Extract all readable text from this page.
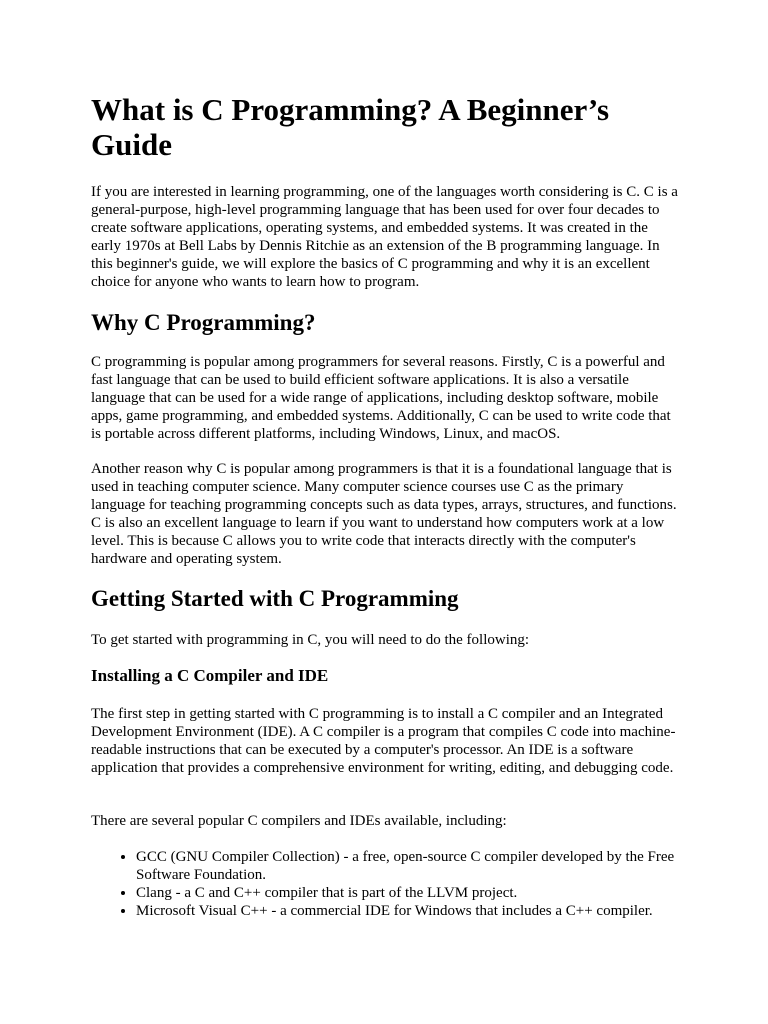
What is C Programming? A Beginner’s Guide

If you are interested in learning programming, one of the languages worth considering is C. C is a general-purpose, high-level programming language that has been used for over four decades to create software applications, operating systems, and embedded systems. It was created in the early 1970s at Bell Labs by Dennis Ritchie as an extension of the B programming language. In this beginner's guide, we will explore the basics of C programming and why it is an excellent choice for anyone who wants to learn how to program.

Why C Programming?

C programming is popular among programmers for several reasons. Firstly, C is a powerful and fast language that can be used to build efficient software applications. It is also a versatile language that can be used for a wide range of applications, including desktop software, mobile apps, game programming, and embedded systems. Additionally, C can be used to write code that is portable across different platforms, including Windows, Linux, and macOS.

Another reason why C is popular among programmers is that it is a foundational language that is used in teaching computer science. Many computer science courses use C as the primary language for teaching programming concepts such as data types, arrays, structures, and functions. C is also an excellent language to learn if you want to understand how computers work at a low level. This is because C allows you to write code that interacts directly with the computer's hardware and operating system.

Getting Started with C Programming

To get started with programming in C, you will need to do the following:

Installing a C Compiler and IDE

The first step in getting started with C programming is to install a C compiler and an Integrated Development Environment (IDE). A C compiler is a program that compiles C code into machine-readable instructions that can be executed by a computer's processor. An IDE is a software application that provides a comprehensive environment for writing, editing, and debugging code.

There are several popular C compilers and IDEs available, including:

• GCC (GNU Compiler Collection) - a free, open-source C compiler developed by the Free Software Foundation.
• Clang - a C and C++ compiler that is part of the LLVM project.
• Microsoft Visual C++ - a commercial IDE for Windows that includes a C++ compiler.
